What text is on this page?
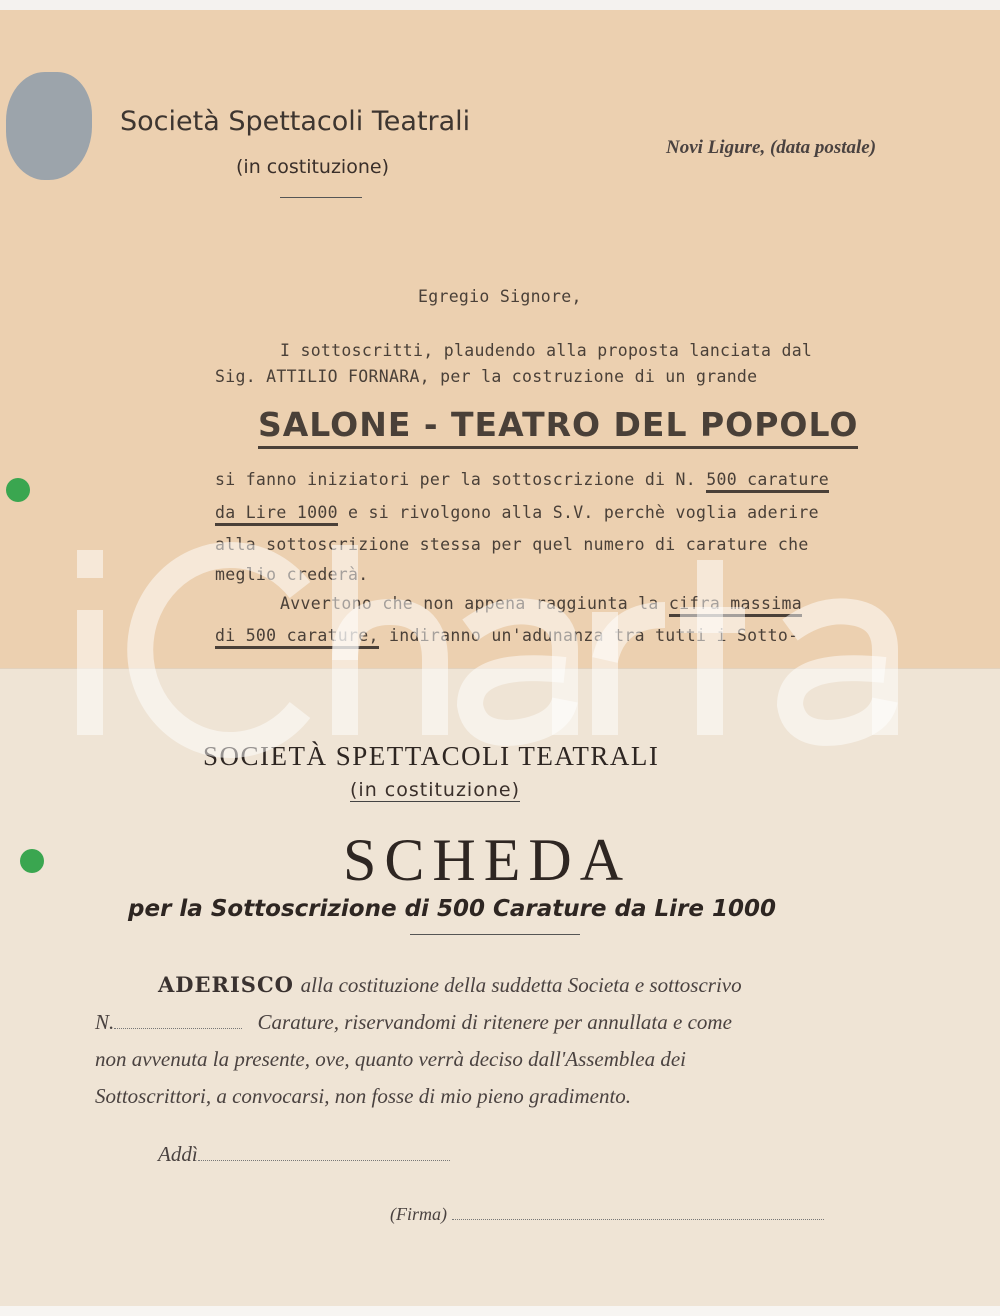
Società Spettacoli Teatrali
(in costituzione)
Novi Ligure, (data postale)
Egregio Signore,
I sottoscritti, plaudendo alla proposta lanciata dal
Sig. ATTILIO FORNARA, per la costruzione di un grande
SALONE - TEATRO DEL POPOLO
si fanno iniziatori per la sottoscrizione di N. 500 carature
da Lire 1000 e si rivolgono alla S.V. perchè voglia aderire
alla sottoscrizione stessa per quel numero di carature che
meglio crederà.
Avvertono che non appena raggiunta la cifra massima
di 500 carature, indiranno un'adunanza tra tutti i Sotto-
SOCIETÀ SPETTACOLI TEATRALI
(in costituzione)
SCHEDA
per la Sottoscrizione di 500 Carature da Lire 1000
ADERISCO alla costituzione della suddetta Societa e sottoscrivo
N.	Carature, riservandomi di ritenere per annullata e come
non avvenuta la presente, ove, quanto verrà deciso dall'Assemblea dei
Sottoscrittori, a convocarsi, non fosse di mio pieno gradimento.
Addì
(Firma)
